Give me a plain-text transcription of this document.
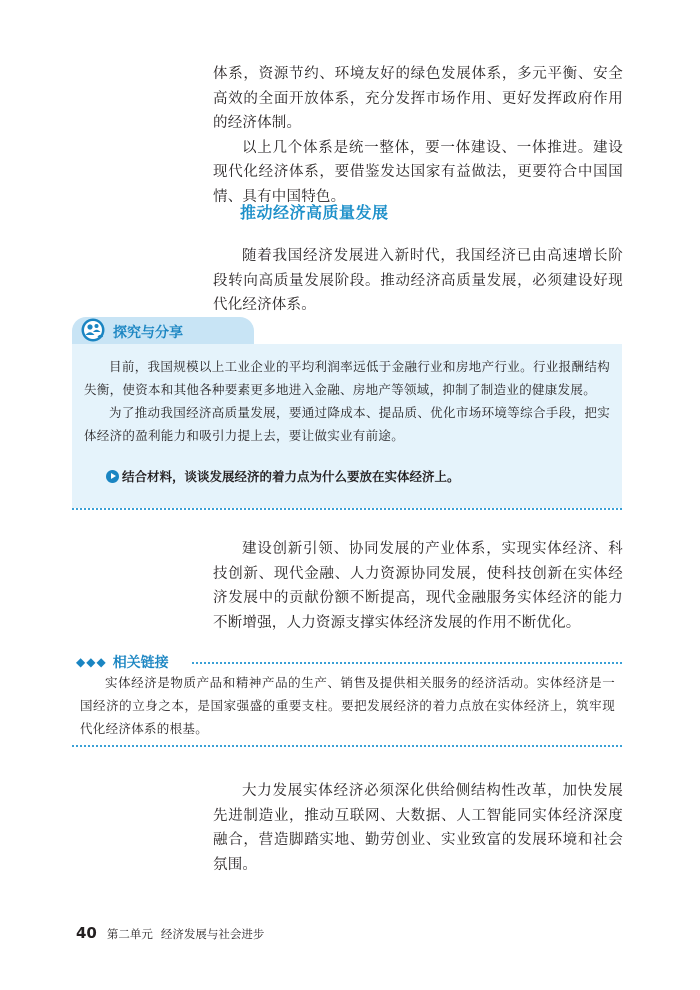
体系，资源节约、环境友好的绿色发展体系，多元平衡、安全高效的全面开放体系，充分发挥市场作用、更好发挥政府作用的经济体制。

以上几个体系是统一整体，要一体建设、一体推进。建设现代化经济体系，要借鉴发达国家有益做法，更要符合中国国情、具有中国特色。

推动经济高质量发展

随着我国经济发展进入新时代，我国经济已由高速增长阶段转向高质量发展阶段。推动经济高质量发展，必须建设好现代化经济体系。

探究与分享

目前，我国规模以上工业企业的平均利润率远低于金融行业和房地产行业。行业报酬结构失衡，使资本和其他各种要素更多地进入金融、房地产等领域，抑制了制造业的健康发展。

为了推动我国经济高质量发展，要通过降成本、提品质、优化市场环境等综合手段，把实体经济的盈利能力和吸引力提上去，要让做实业有前途。

结合材料，谈谈发展经济的着力点为什么要放在实体经济上。

建设创新引领、协同发展的产业体系，实现实体经济、科技创新、现代金融、人力资源协同发展，使科技创新在实体经济发展中的贡献份额不断提高，现代金融服务实体经济的能力不断增强，人力资源支撑实体经济发展的作用不断优化。

◆◆◆ 相关链接

实体经济是物质产品和精神产品的生产、销售及提供相关服务的经济活动。实体经济是一国经济的立身之本，是国家强盛的重要支柱。要把发展经济的着力点放在实体经济上，筑牢现代化经济体系的根基。

大力发展实体经济必须深化供给侧结构性改革，加快发展先进制造业，推动互联网、大数据、人工智能同实体经济深度融合，营造脚踏实地、勤劳创业、实业致富的发展环境和社会氛围。

40 第二单元 经济发展与社会进步
